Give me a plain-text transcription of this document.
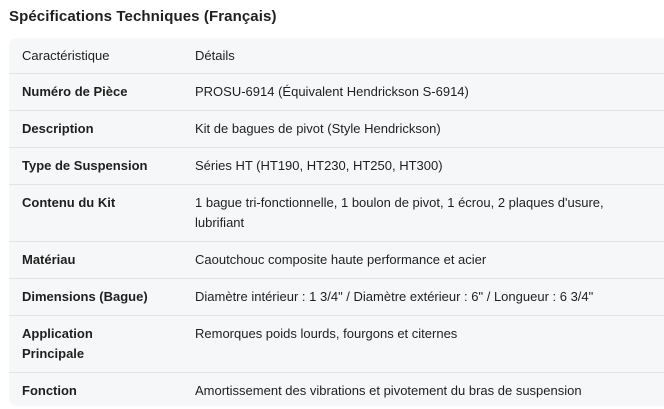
Spécifications Techniques (Français)
Caractéristique	Détails

Numéro de Pièce	PROSU-6914 (Équivalent Hendrickson S-6914)

Description	Kit de bagues de pivot (Style Hendrickson)

Type de Suspension	Séries HT (HT190, HT230, HT250, HT300)

Contenu du Kit	1 bague tri-fonctionnelle, 1 boulon de pivot, 1 écrou, 2 plaques d'usure, lubrifiant

Matériau	Caoutchouc composite haute performance et acier

Dimensions (Bague)	Diamètre intérieur : 1 3/4" / Diamètre extérieur : 6" / Longueur : 6 3/4"

Application Principale	Remorques poids lourds, fourgons et citernes

Fonction	Amortissement des vibrations et pivotement du bras de suspension
